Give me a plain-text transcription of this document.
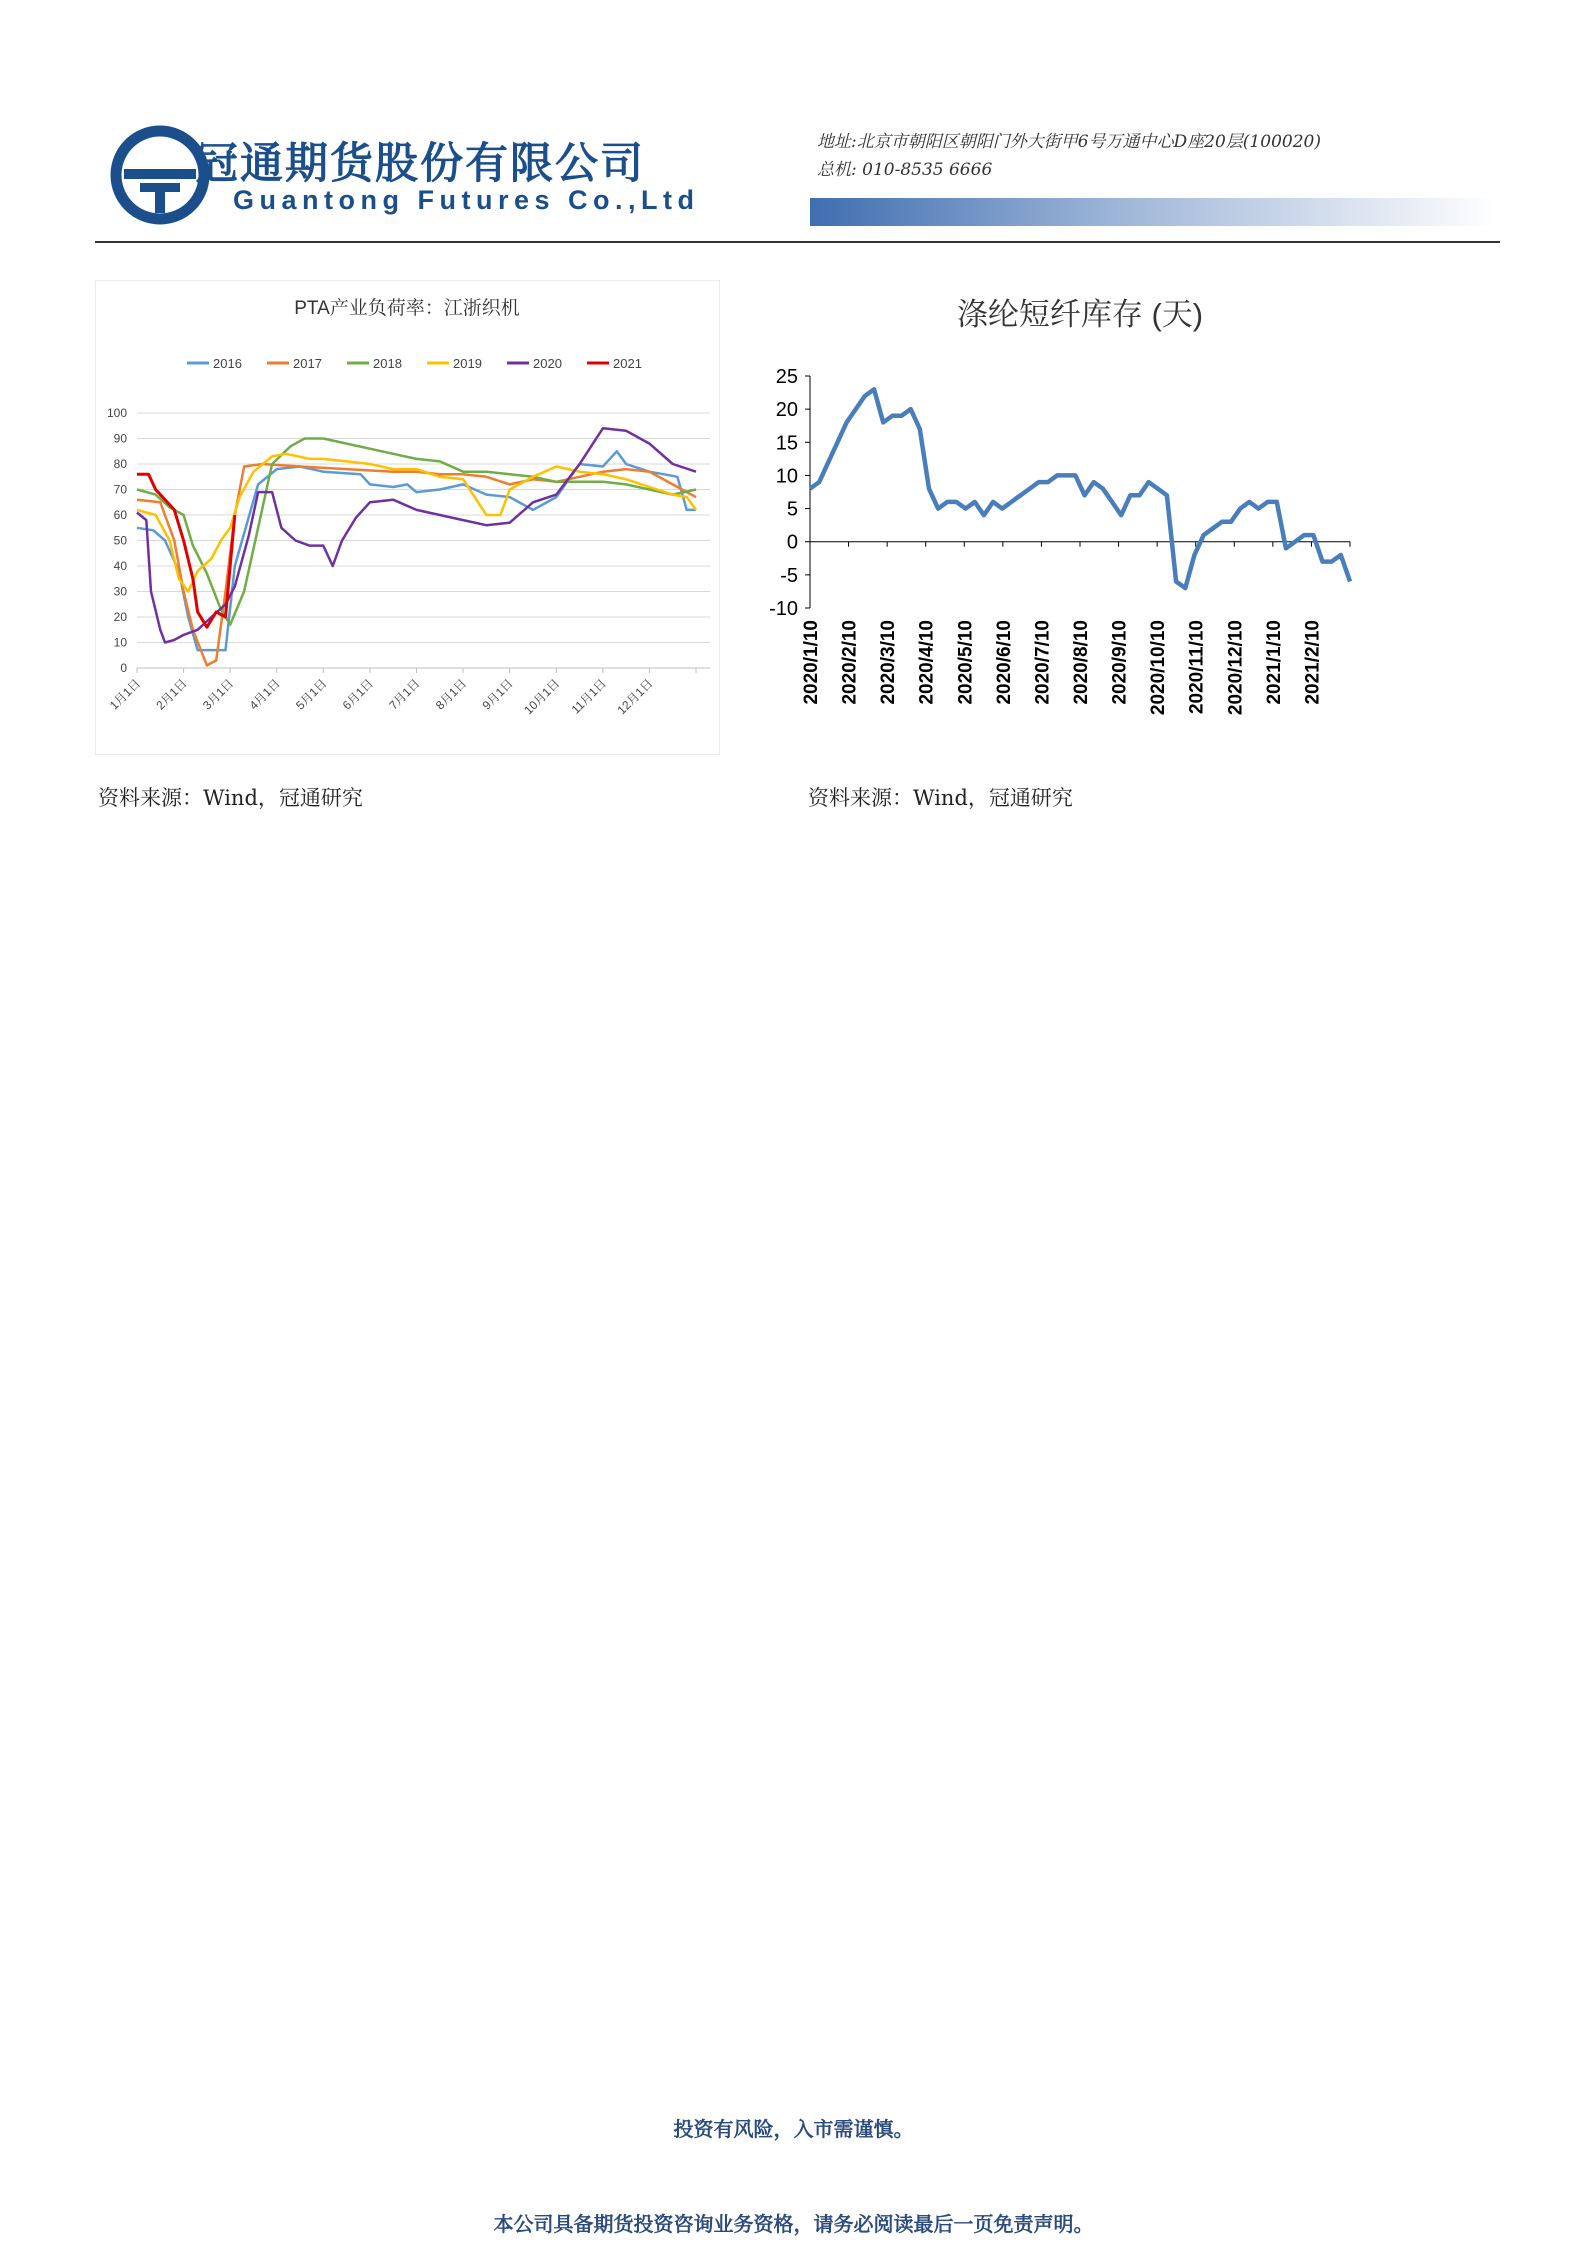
冠通期货股份有限公司
Guantong Futures Co.,Ltd
地址:北京市朝阳区朝阳门外大街甲6号万通中心D座20层(100020)
总机: 010-8535 6666
PTA产业负荷率：江浙织机
2016	2017	2018	2019	2020	2021
0
10
20
30
40
50
60
70
80
90
100
1月1日 2月1日 3月1日 4月1日 5月1日 6月1日 7月1日 8月1日 9月1日 10月1日 11月1日 12月1日
资料来源：Wind，冠通研究
涤纶短纤库存 (天)
-10
-5
0
5
10
15
20
25
2020/1/10 2020/2/10 2020/3/10 2020/4/10 2020/5/10 2020/6/10 2020/7/10 2020/8/10 2020/9/10 2020/10/10 2020/11/10 2020/12/10 2021/1/10 2021/2/10
资料来源：Wind，冠通研究
投资有风险，入市需谨慎。
本公司具备期货投资咨询业务资格，请务必阅读最后一页免责声明。
